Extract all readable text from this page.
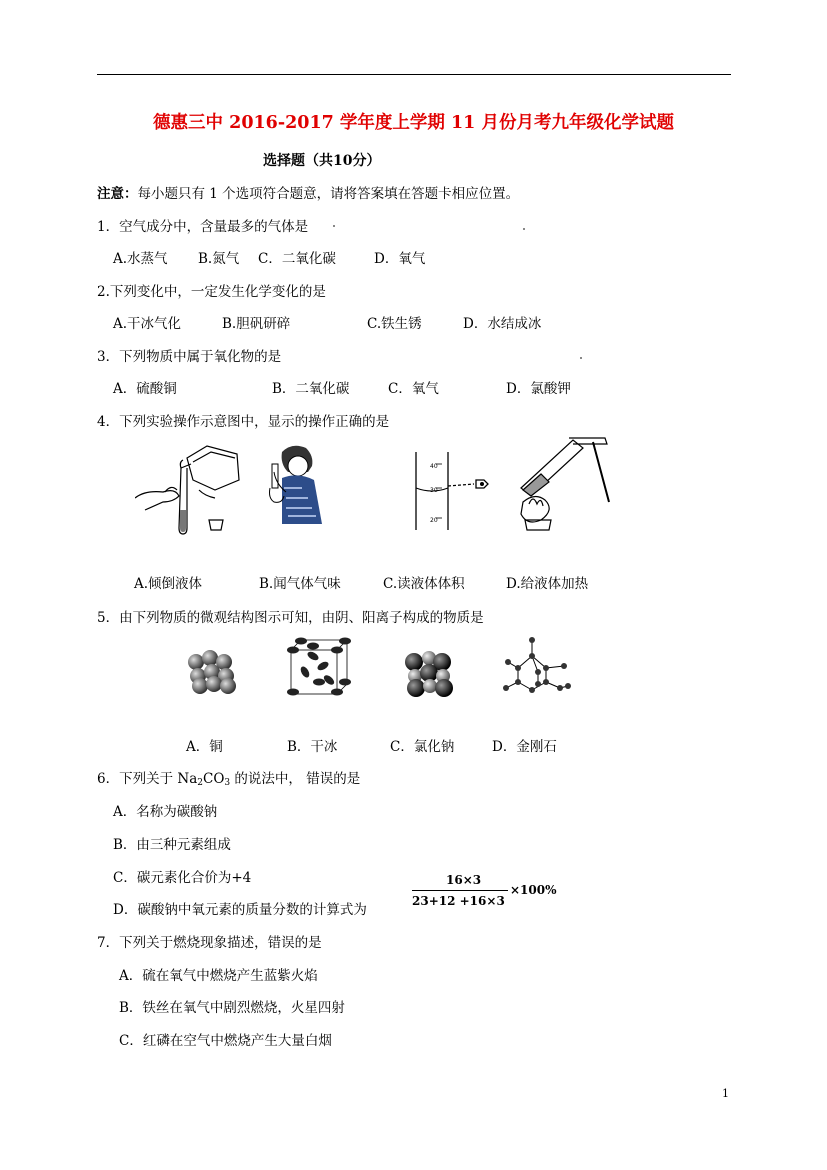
德惠三中 2016-2017 学年度上学期 11 月份月考九年级化学试题
选择题（共10分）
注意：每小题只有 1 个选项符合题意，请将答案填在答题卡相应位置。
1．空气成分中，含量最多的气体是
A.水蒸气 B.氮气 C．二氧化碳	D．氧气
2.下列变化中，一定发生化学变化的是
A.干冰气化	B.胆矾研碎	C.铁生锈	D．水结成冰
3．下列物质中属于氧化物的是
A．硫酸铜	B．二氧化碳	C．氧气	D．氯酸钾
4．下列实验操作示意图中，显示的操作正确的是
40
30
20
A.倾倒液体	B.闻气体气味	C.读液体体积	D.给液体加热
5．由下列物质的微观结构图示可知，由阴、阳离子构成的物质是
A．铜	B．干冰	C．氯化钠	D．金刚石
6．下列关于 $Na_2CO_3$ 的说法中， 错误的是
A．名称为碳酸钠
B．由三种元素组成
C．碳元素化合价为+4
D．碳酸钠中氧元素的质量分数的计算式为
16×3
23+12 +16×3
×100%
7．下列关于燃烧现象描述，错误的是
A．硫在氧气中燃烧产生蓝紫火焰
B．铁丝在氧气中剧烈燃烧，火星四射
C．红磷在空气中燃烧产生大量白烟
1
